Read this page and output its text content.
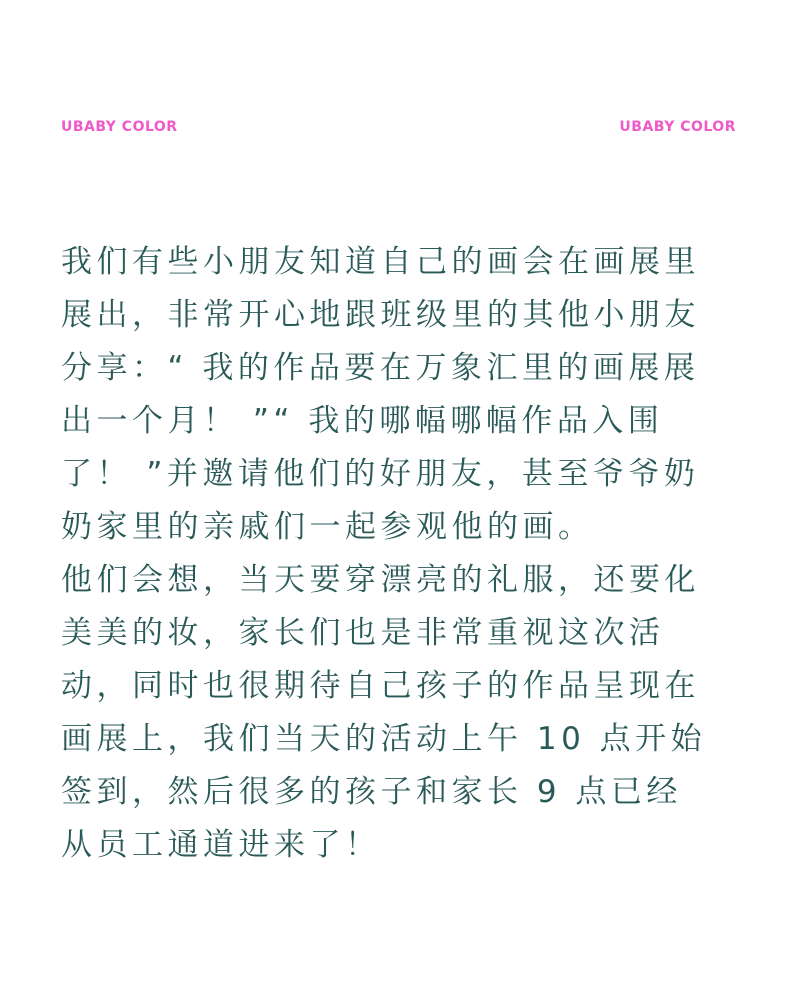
UBABY COLOR	UBABY COLOR

我们有些小朋友知道自己的画会在画展里展出，非常开心地跟班级里的其他小朋友分享：“ 我的作品要在万象汇里的画展展出一个月！ ”“ 我的哪幅哪幅作品入围了！ ”并邀请他们的好朋友，甚至爷爷奶奶家里的亲戚们一起参观他的画。

他们会想，当天要穿漂亮的礼服，还要化美美的妆，家长们也是非常重视这次活动，同时也很期待自己孩子的作品呈现在画展上，我们当天的活动上午 10 点开始签到，然后很多的孩子和家长 9 点已经从员工通道进来了！
